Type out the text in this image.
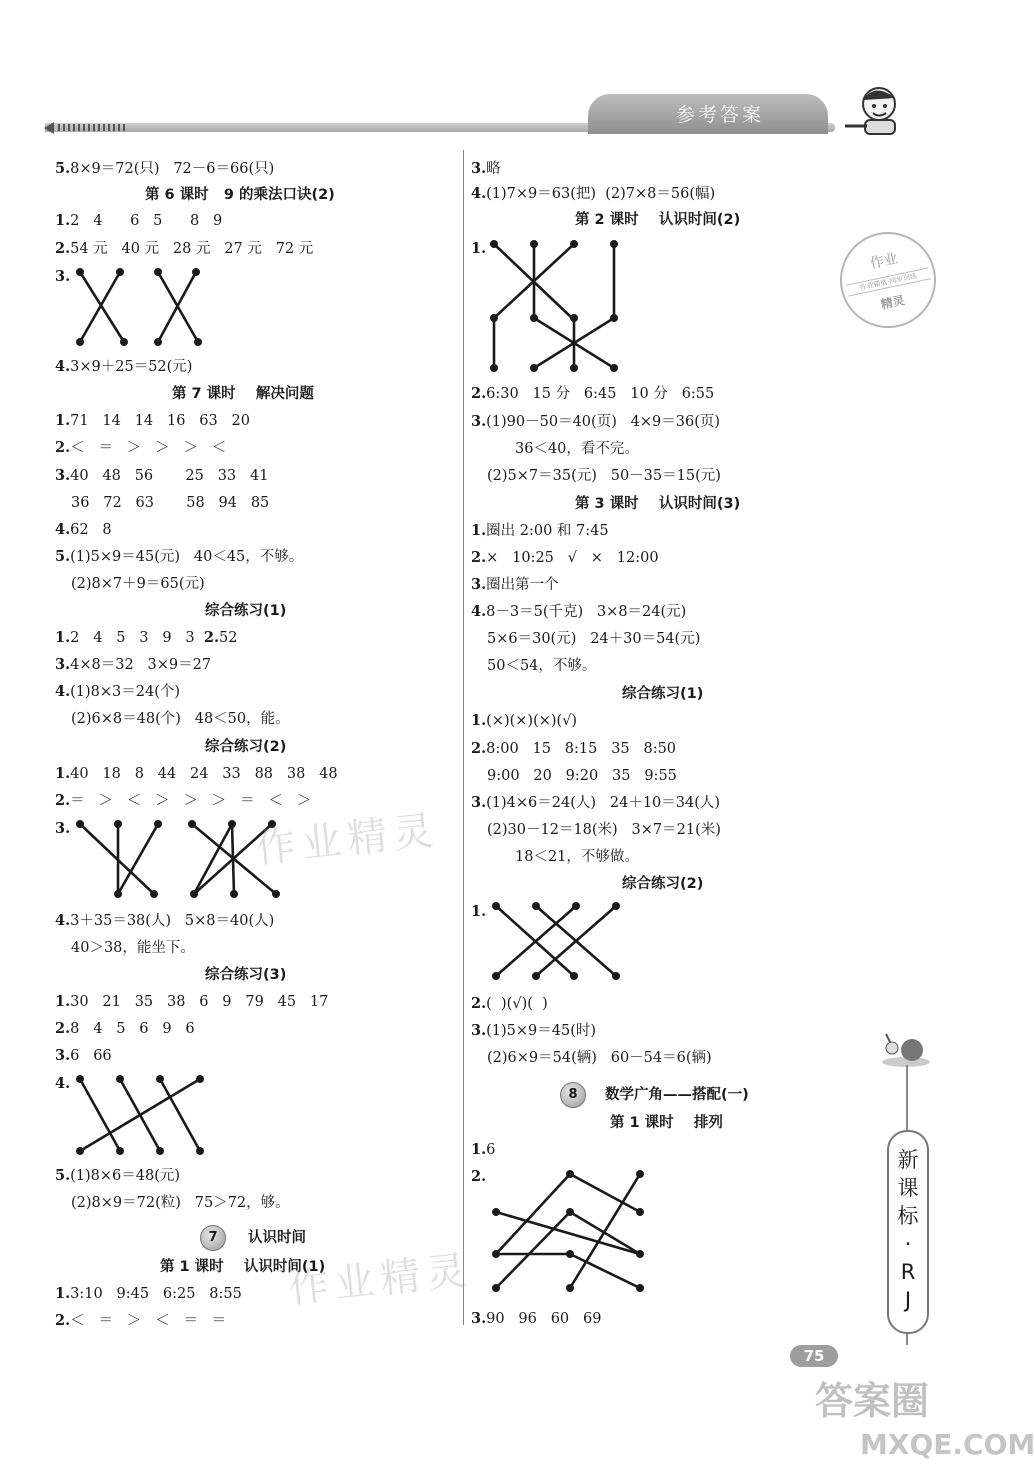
参考答案
作业
作业精选·同步训练
精灵
5.8×9＝72(只)   72－6＝66(只)
第 6 课时   9 的乘法口诀(2)
1.2   4      6   5      8   9
2.54 元   40 元   28 元   27 元   72 元
3.
4.3×9＋25＝52(元)
第 7 课时    解决问题
1.71   14   14   16   63   20
2.＜   ＝   ＞   ＞   ＞   ＜
3.40   48   56       25   33   41
36   72   63       58   94   85
4.62   8
5.(1)5×9＝45(元)   40＜45，不够。
(2)8×7＋9＝65(元)
综合练习(1)
1.2   4   5   3   9   3  2.52
3.4×8＝32   3×9＝27
4.(1)8×3＝24(个)
(2)6×8＝48(个)   48＜50，能。
综合练习(2)
1.40   18   8   44   24   33   88   38   48
2.＝   ＞   ＜   ＞   ＞   ＞   ＝   ＜   ＞
3.
4.3＋35＝38(人)   5×8＝40(人)
40＞38，能坐下。
综合练习(3)
1.30   21   35   38   6   9   79   45   17
2.8   4   5   6   9   6
3.6   66
4.
5.(1)8×6＝48(元)
(2)8×9＝72(粒)   75＞72，够。
7	认识时间
第 1 课时    认识时间(1)
1.3:10   9:45   6:25   8:55
2.＜   ＝   ＞   ＜   ＝   ＝
3.略
4.(1)7×9＝63(把)  (2)7×8＝56(幅)
第 2 课时    认识时间(2)
1.
2.6:30   15 分   6:45   10 分   6:55
3.(1)90－50＝40(页)   4×9＝36(页)
36＜40，看不完。
(2)5×7＝35(元)   50－35＝15(元)
第 3 课时    认识时间(3)
1.圈出 2:00 和 7:45
2.×   10:25   √   ×   12:00
3.圈出第一个
4.8－3＝5(千克)   3×8＝24(元)
5×6＝30(元)   24＋30＝54(元)
50＜54，不够。
综合练习(1)
1.(×)(×)(×)(√)
2.8:00   15   8:15   35   8:50
9:00   20   9:20   35   9:55
3.(1)4×6＝24(人)   24＋10＝34(人)
(2)30－12＝18(米)   3×7＝21(米)
18＜21，不够做。
综合练习(2)
1.
2.(  )(√)(  )
3.(1)5×9＝45(时)
(2)6×9＝54(辆)   60－54＝6(辆)
8	数学广角——搭配(一)
第 1 课时    排列
1.6
2.
3.90   96   60   69
作业精灵
作业精灵
新
课
标
·
R
J
75
答案圈
MXQE.COM
